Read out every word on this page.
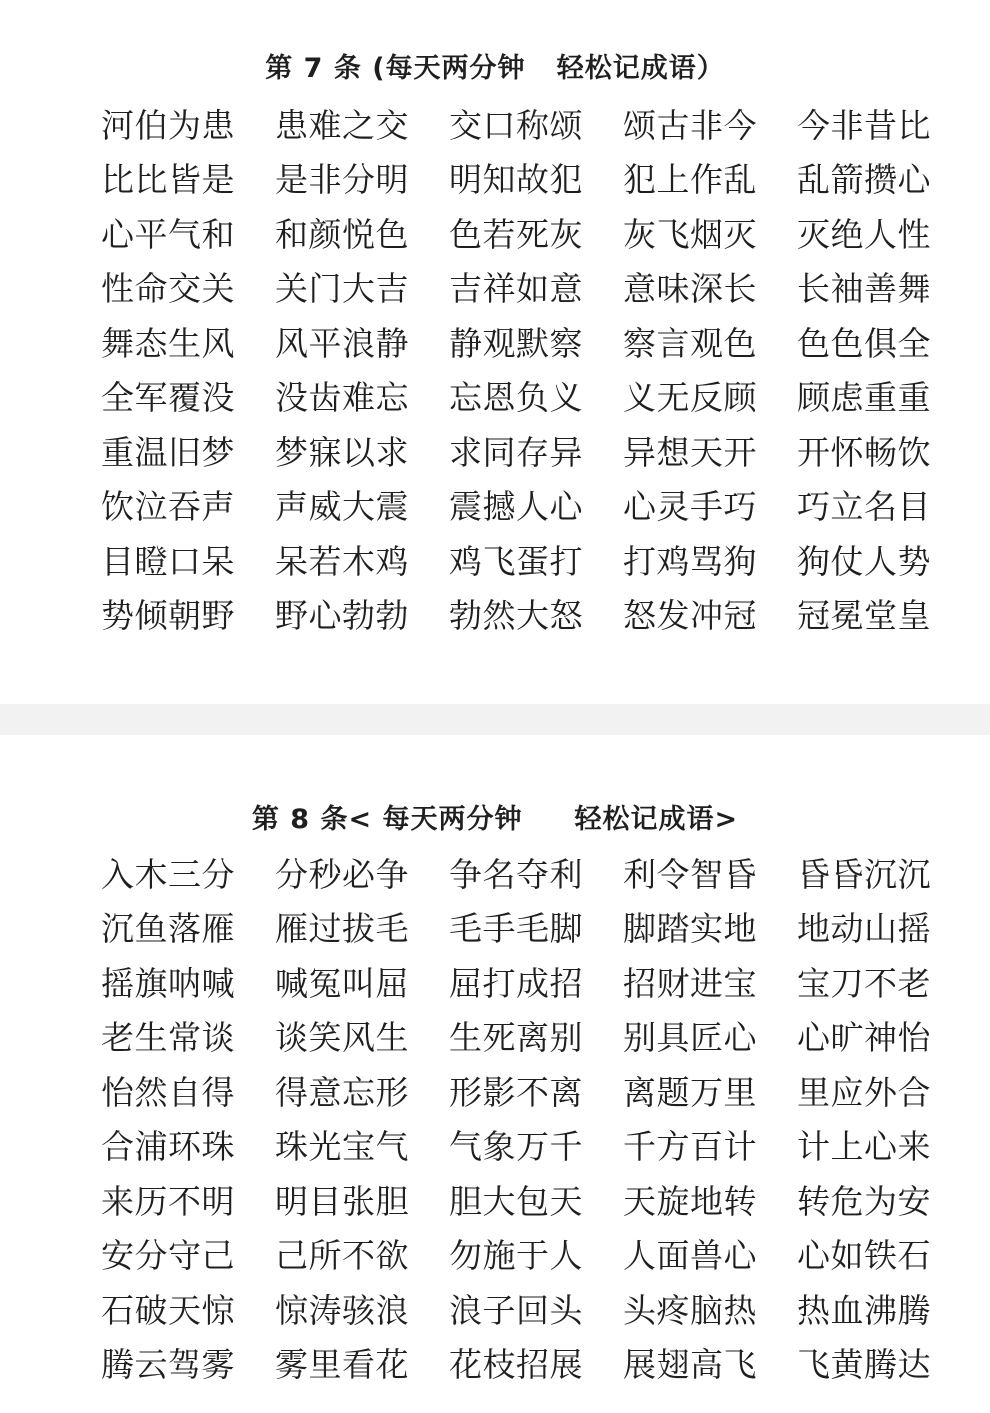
第 7 条 (每天两分钟   轻松记成语）
河伯为患	患难之交	交口称颂	颂古非今	今非昔比
比比皆是	是非分明	明知故犯	犯上作乱	乱箭攒心
心平气和	和颜悦色	色若死灰	灰飞烟灭	灭绝人性
性命交关	关门大吉	吉祥如意	意味深长	长袖善舞
舞态生风	风平浪静	静观默察	察言观色	色色俱全
全军覆没	没齿难忘	忘恩负义	义无反顾	顾虑重重
重温旧梦	梦寐以求	求同存异	异想天开	开怀畅饮
饮泣吞声	声威大震	震撼人心	心灵手巧	巧立名目
目瞪口呆	呆若木鸡	鸡飞蛋打	打鸡骂狗	狗仗人势
势倾朝野	野心勃勃	勃然大怒	怒发冲冠	冠冕堂皇
第 8 条< 每天两分钟     轻松记成语>
入木三分	分秒必争	争名夺利	利令智昏	昏昏沉沉
沉鱼落雁	雁过拔毛	毛手毛脚	脚踏实地	地动山摇
摇旗呐喊	喊冤叫屈	屈打成招	招财进宝	宝刀不老
老生常谈	谈笑风生	生死离别	别具匠心	心旷神怡
怡然自得	得意忘形	形影不离	离题万里	里应外合
合浦环珠	珠光宝气	气象万千	千方百计	计上心来
来历不明	明目张胆	胆大包天	天旋地转	转危为安
安分守己	己所不欲	勿施于人	人面兽心	心如铁石
石破天惊	惊涛骇浪	浪子回头	头疼脑热	热血沸腾
腾云驾雾	雾里看花	花枝招展	展翅高飞	飞黄腾达
